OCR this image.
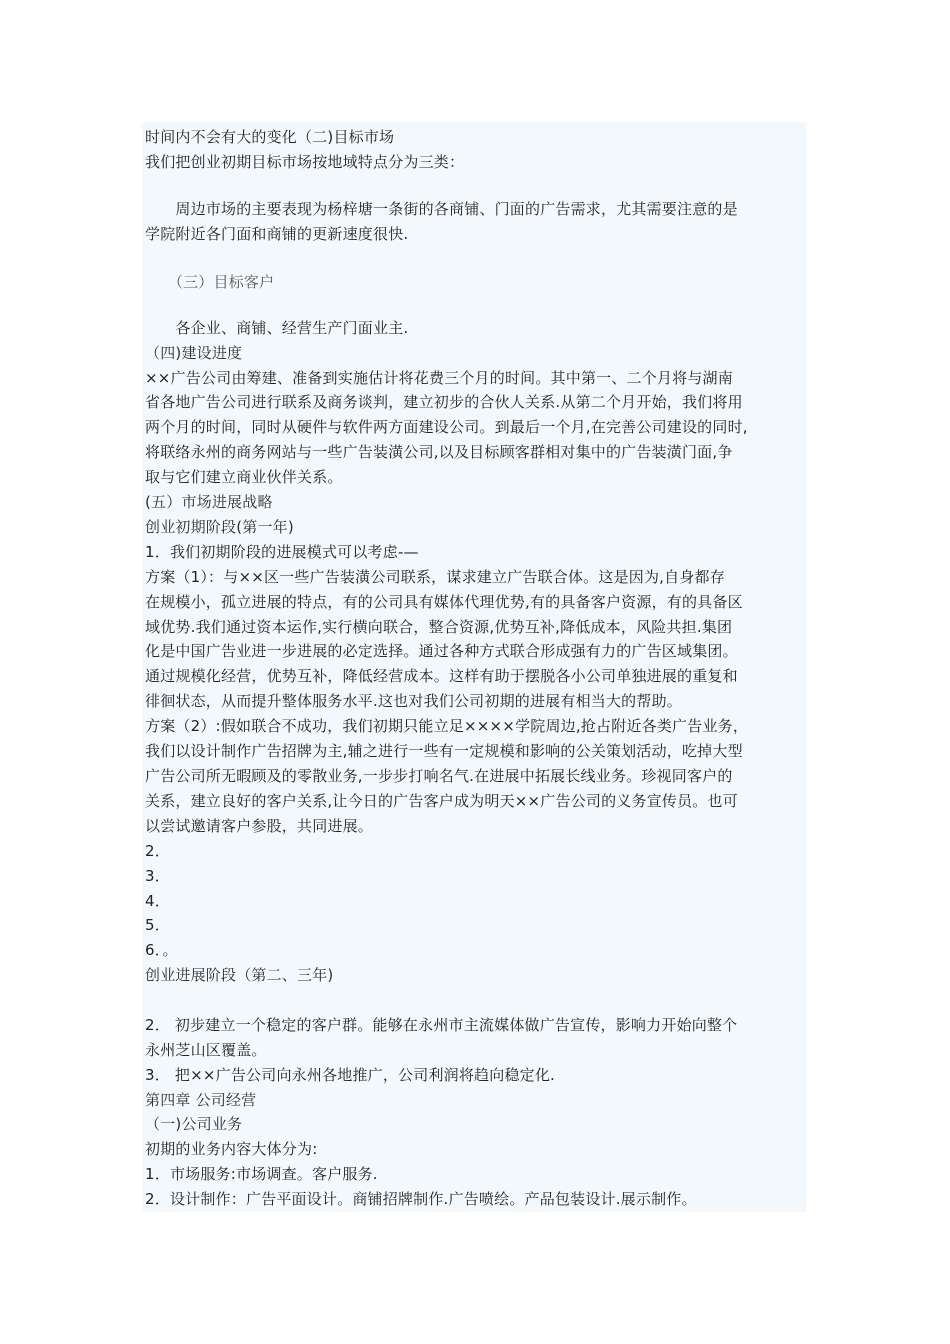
时间内不会有大的变化（二)目标市场
我们把创业初期目标市场按地域特点分为三类：
　　周边市场的主要表现为杨梓塘一条街的各商铺、门面的广告需求，尤其需要注意的是
学院附近各门面和商铺的更新速度很快.
　　（三）目标客户
　　各企业、商铺、经营生产门面业主.
（四)建设进度
××广告公司由筹建、准备到实施估计将花费三个月的时间。其中第一、二个月将与湖南
省各地广告公司进行联系及商务谈判，建立初步的合伙人关系.从第二个月开始，我们将用
两个月的时间，同时从硬件与软件两方面建设公司。到最后一个月,在完善公司建设的同时,
将联络永州的商务网站与一些广告装潢公司,以及目标顾客群相对集中的广告装潢门面,争
取与它们建立商业伙伴关系。
(五）市场进展战略
创业初期阶段(第一年)
1．我们初期阶段的进展模式可以考虑-—
方案（1）：与××区一些广告装潢公司联系，谋求建立广告联合体。这是因为,自身都存
在规模小，孤立进展的特点，有的公司具有媒体代理优势,有的具备客户资源，有的具备区
域优势.我们通过资本运作,实行横向联合，整合资源,优势互补,降低成本，风险共担.集团
化是中国广告业进一步进展的必定选择。通过各种方式联合形成强有力的广告区域集团。
通过规模化经营，优势互补，降低经营成本。这样有助于摆脱各小公司单独进展的重复和
徘徊状态，从而提升整体服务水平.这也对我们公司初期的进展有相当大的帮助。
方案（2）:假如联合不成功，我们初期只能立足××××学院周边,抢占附近各类广告业务，
我们以设计制作广告招牌为主,辅之进行一些有一定规模和影响的公关策划活动，吃掉大型
广告公司所无暇顾及的零散业务,一步步打响名气.在进展中拓展长线业务。珍视同客户的
关系，建立良好的客户关系,让今日的广告客户成为明天××广告公司的义务宣传员。也可
以尝试邀请客户参股，共同进展。
2．
3．
4．
5．
6．。
创业进展阶段（第二、三年)
2． 初步建立一个稳定的客户群。能够在永州市主流媒体做广告宣传，影响力开始向整个
永州芝山区覆盖。
3． 把××广告公司向永州各地推广，公司利润将趋向稳定化.
第四章 公司经营
（一)公司业务
初期的业务内容大体分为:
1．市场服务:市场调查。客户服务.
2．设计制作：广告平面设计。商铺招牌制作.广告喷绘。产品包装设计.展示制作。
